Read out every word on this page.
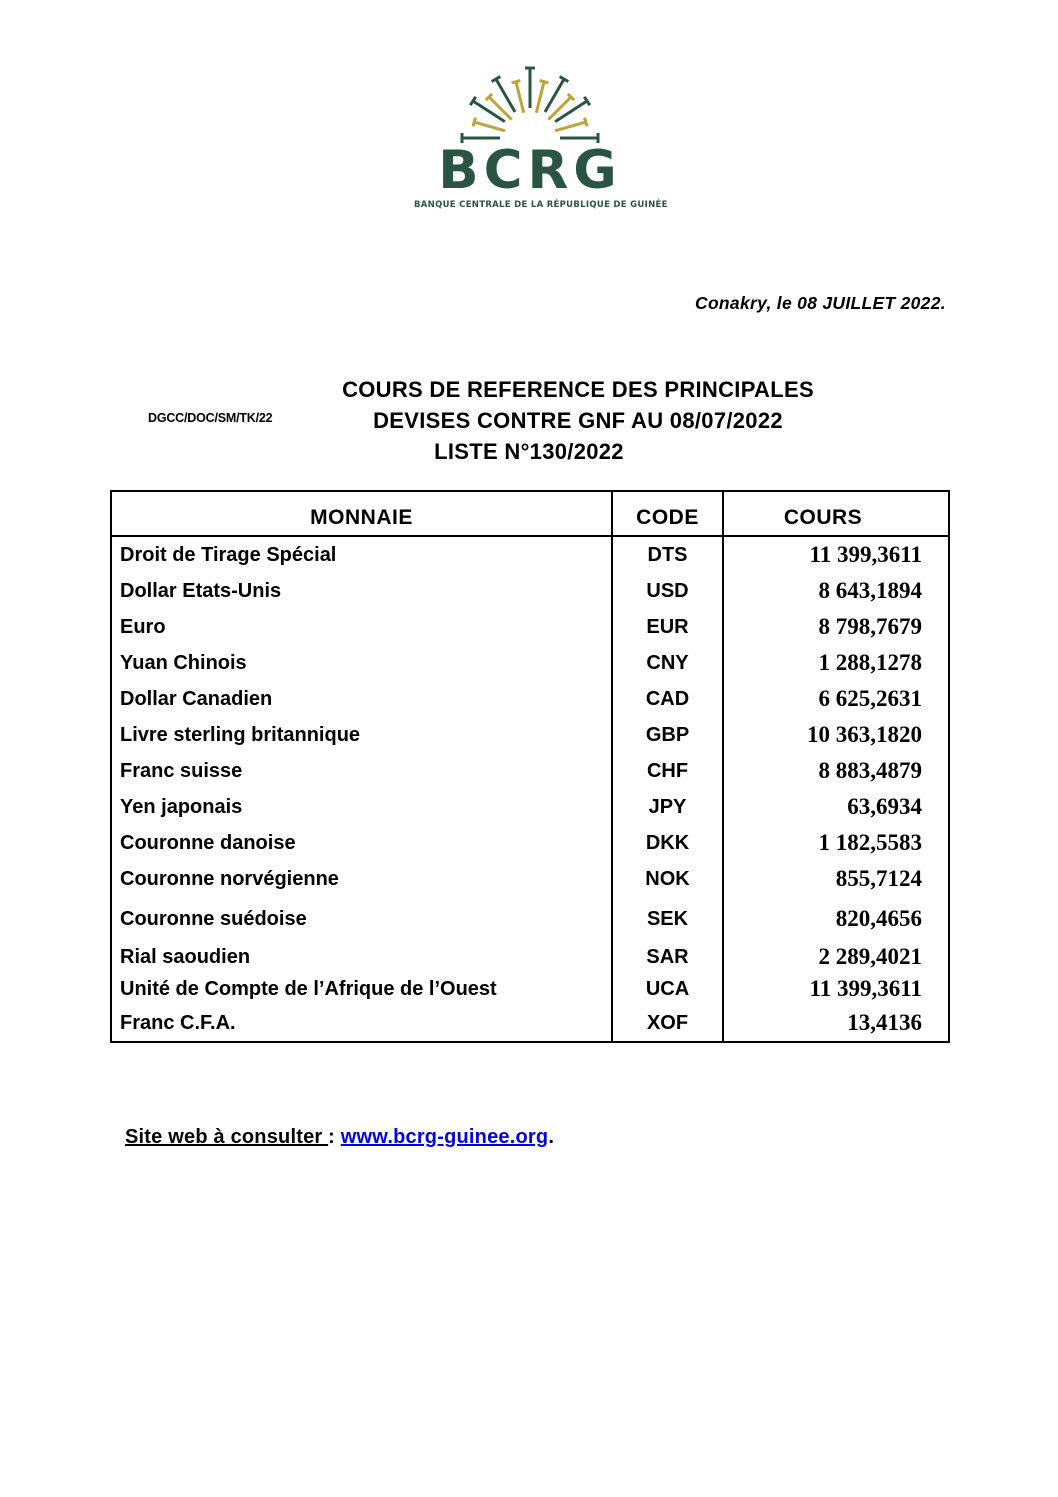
BCRG
BANQUE CENTRALE DE LA RÉPUBLIQUE DE GUINÉE
Conakry, le 08 JUILLET 2022.
DGCC/DOC/SM/TK/22
COURS DE REFERENCE DES PRINCIPALES
DEVISES CONTRE GNF AU 08/07/2022
LISTE N°130/2022
MONNAIE	CODE	COURS
Droit de Tirage Spécial	DTS	11 399,3611
Dollar Etats-Unis	USD	8 643,1894
Euro	EUR	8 798,7679
Yuan Chinois	CNY	1 288,1278
Dollar Canadien	CAD	6 625,2631
Livre sterling britannique	GBP	10 363,1820
Franc suisse	CHF	8 883,4879
Yen japonais	JPY	63,6934
Couronne danoise	DKK	1 182,5583
Couronne norvégienne	NOK	855,7124
Couronne suédoise	SEK	820,4656
Rial saoudien	SAR	2 289,4021
Unité de Compte de l’Afrique de l’Ouest	UCA	11 399,3611
Franc C.F.A.	XOF	13,4136
Site web à consulter : www.bcrg-guinee.org.
